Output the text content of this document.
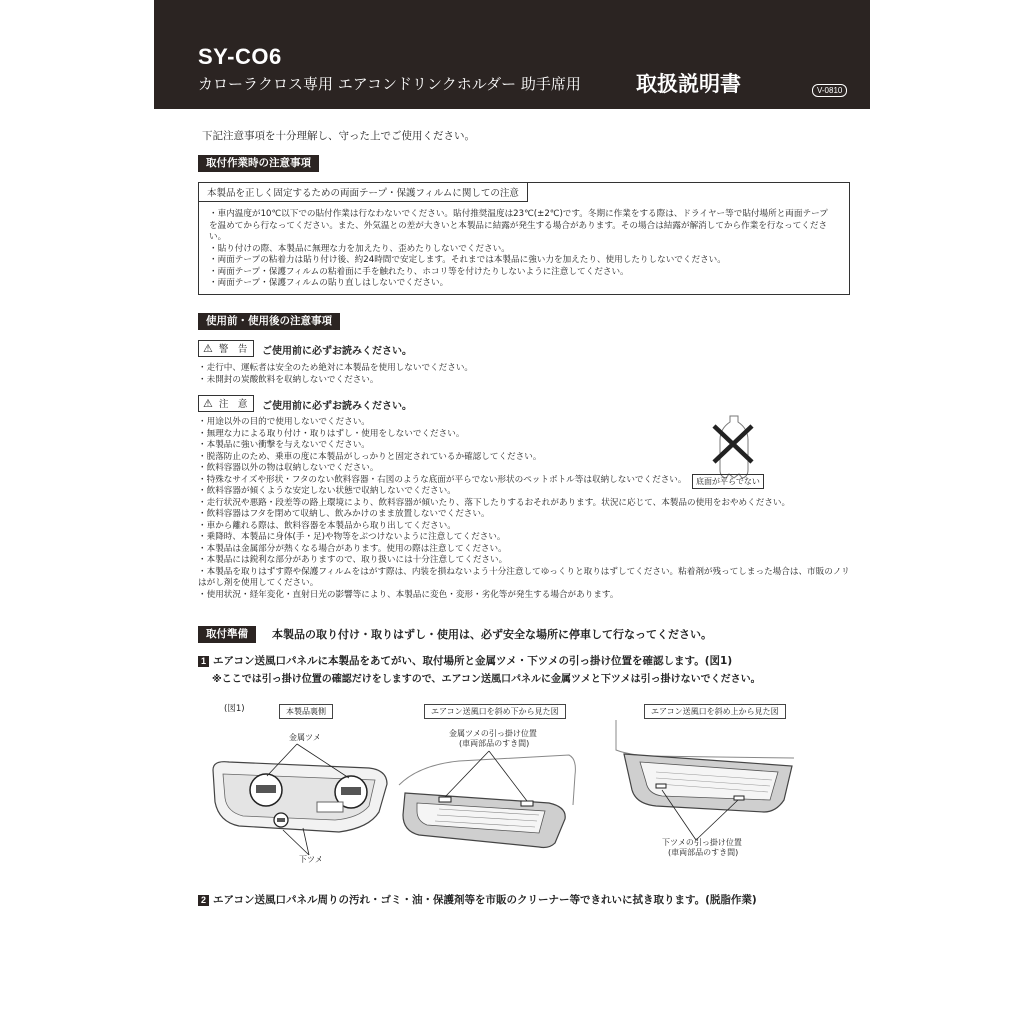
SY-CO6
カローラクロス専用 エアコンドリンクホルダー 助手席用	取扱説明書	V-0810
下記注意事項を十分理解し、守った上でご使用ください。
取付作業時の注意事項
本製品を正しく固定するための両面テープ・保護フィルムに関しての注意
・車内温度が10℃以下での貼付作業は行なわないでください。貼付推奨温度は23℃(±2℃)です。冬期に作業をする際は、ドライヤー等で貼付場所と両面テープ
を温めてから行なってください。また、外気温との差が大きいと本製品に結露が発生する場合があります。その場合は結露が解消してから作業を行なってくださ
い。
・貼り付けの際、本製品に無理な力を加えたり、歪めたりしないでください。
・両面テープの粘着力は貼り付け後、約24時間で安定します。それまでは本製品に強い力を加えたり、使用したりしないでください。
・両面テープ・保護フィルムの粘着面に手を触れたり、ホコリ等を付けたりしないように注意してください。
・両面テープ・保護フィルムの貼り直しはしないでください。
使用前・使用後の注意事項
⚠ 警　告	ご使用前に必ずお読みください。
・走行中、運転者は安全のため絶対に本製品を使用しないでください。
・未開封の炭酸飲料を収納しないでください。
⚠ 注　意	ご使用前に必ずお読みください。
・用途以外の目的で使用しないでください。
・無理な力による取り付け・取りはずし・使用をしないでください。
・本製品に強い衝撃を与えないでください。
・脱落防止のため、乗車の度に本製品がしっかりと固定されているか確認してください。
・飲料容器以外の物は収納しないでください。
・特殊なサイズや形状・フタのない飲料容器・右図のような底面が平らでない形状のペットボトル等は収納しないでください。
・飲料容器が傾くような安定しない状態で収納しないでください。
・走行状況や悪路・段差等の路上環境により、飲料容器が傾いたり、落下したりするおそれがあります。状況に応じて、本製品の使用をおやめください。
・飲料容器はフタを閉めて収納し、飲みかけのまま放置しないでください。
・車から離れる際は、飲料容器を本製品から取り出してください。
・乗降時、本製品に身体(手・足)や物等をぶつけないように注意してください。
・本製品は金属部分が熱くなる場合があります。使用の際は注意してください。
・本製品には鋭利な部分がありますので、取り扱いには十分注意してください。
・本製品を取りはずす際や保護フィルムをはがす際は、内装を損ねないよう十分注意してゆっくりと取りはずしてください。粘着剤が残ってしまった場合は、市販のノリ
はがし剤を使用してください。
・使用状況・経年変化・直射日光の影響等により、本製品に変色・変形・劣化等が発生する場合があります。
底面が平らでない
取付準備	本製品の取り付け・取りはずし・使用は、必ず安全な場所に停車して行なってください。
1 エアコン送風口パネルに本製品をあてがい、取付場所と金属ツメ・下ツメの引っ掛け位置を確認します。(図1)
※ここでは引っ掛け位置の確認だけをしますので、エアコン送風口パネルに金属ツメと下ツメは引っ掛けないでください。
(図1)	本製品裏側	エアコン送風口を斜め下から見た図	エアコン送風口を斜め上から見た図
金属ツメ
下ツメ
金属ツメの引っ掛け位置
(車両部品のすき間)
下ツメの引っ掛け位置
(車両部品のすき間)
2 エアコン送風口パネル周りの汚れ・ゴミ・油・保護剤等を市販のクリーナー等できれいに拭き取ります。(脱脂作業)
